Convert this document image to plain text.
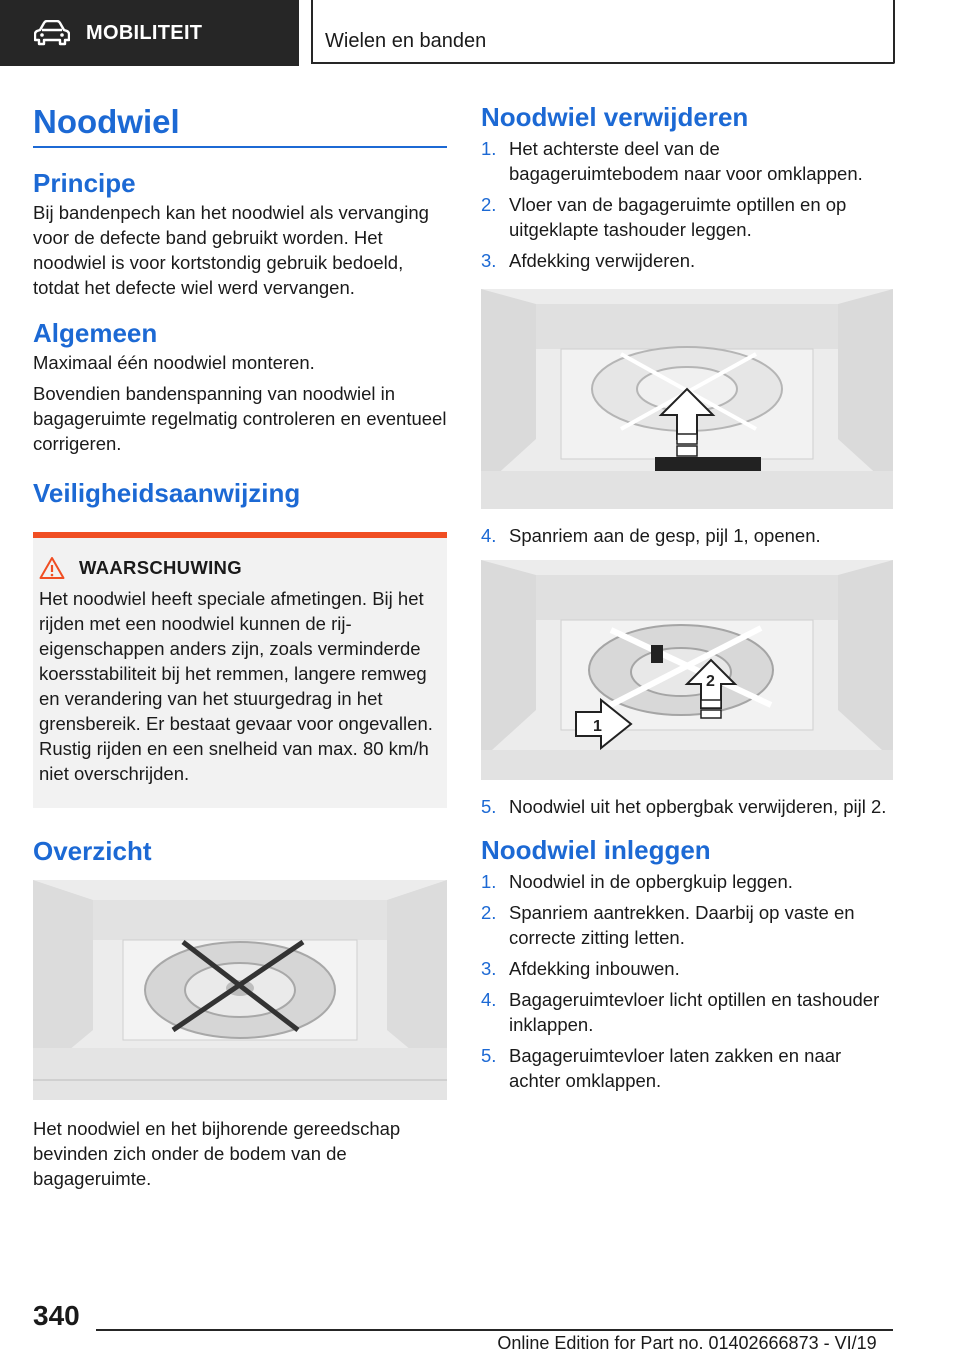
MOBILITEIT	Wielen en banden
Noodwiel
Principe

Bij bandenpech kan het noodwiel als vervanging voor de defecte band gebruikt worden. Het noodwiel is voor kortstondig gebruik bedoeld, totdat het defecte wiel werd vervangen.

Algemeen

Maximaal één noodwiel monteren.

Bovendien bandenspanning van noodwiel in bagageruimte regelmatig controleren en eventueel corrigeren.

Veiligheidsaanwijzing
WAARSCHUWING

Het noodwiel heeft speciale afmetingen. Bij het rijden met een noodwiel kunnen de rij-eigenschappen anders zijn, zoals verminderde koersstabiliteit bij het remmen, langere remweg en verandering van het stuurgedrag in het grensbereik. Er bestaat gevaar voor ongevallen. Rustig rijden en een snelheid van max. 80 km/h niet overschrijden.

Overzicht

Het noodwiel en het bijhorende gereedschap bevinden zich onder de bodem van de bagageruimte.

Noodwiel verwijderen
1. Het achterste deel van de bagageruimtebodem naar voor omklappen.
2. Vloer van de bagageruimte optillen en op uitgeklapte tashouder leggen.
3. Afdekking verwijderen.
4. Spanriem aan de gesp, pijl 1, openen.
2
1
5. Noodwiel uit het opbergbak verwijderen, pijl 2.
Noodwiel inleggen
1. Noodwiel in de opbergkuip leggen.
2. Spanriem aantrekken. Daarbij op vaste en correcte zitting letten.
3. Afdekking inbouwen.
4. Bagageruimtevloer licht optillen en tashouder inklappen.
5. Bagageruimtevloer laten zakken en naar achter omklappen.
340
Online Edition for Part no. 01402666873 - VI/19
